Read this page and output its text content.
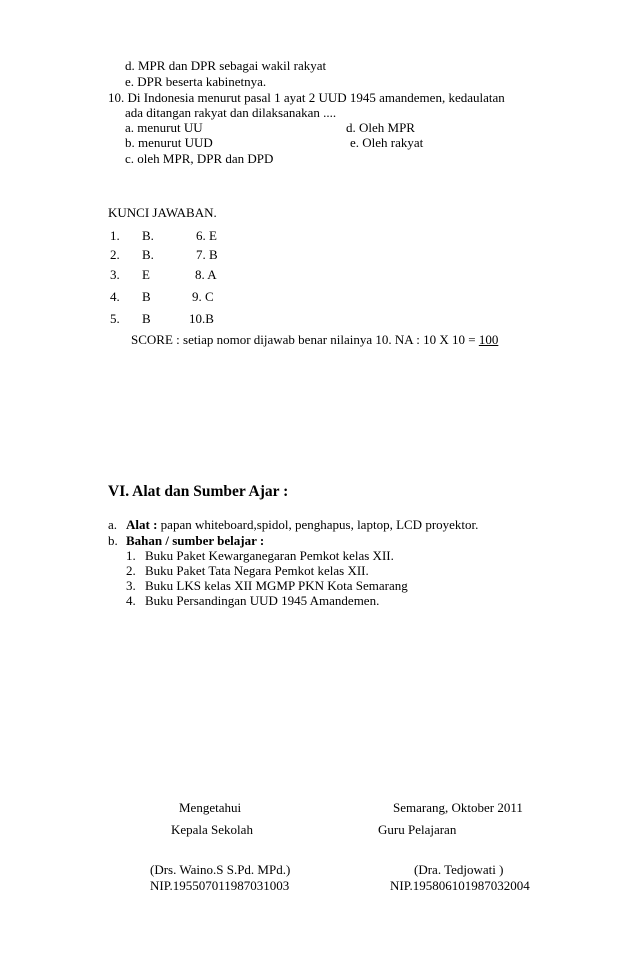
d. MPR dan DPR sebagai wakil rakyat
e. DPR beserta kabinetnya.
10. Di Indonesia menurut pasal 1 ayat 2 UUD 1945 amandemen, kedaulatan
ada ditangan rakyat dan dilaksanakan ....
a. menurut UU	d. Oleh MPR
b. menurut UUD	e. Oleh rakyat
c. oleh MPR, DPR dan DPD
KUNCI JAWABAN.
1. B.	6. E
2. B.	7. B
3. E	8. A
4. B	9. C
5. B	10.B
SCORE : setiap nomor dijawab benar nilainya 10. NA : 10 X 10 = 100
VI. Alat dan Sumber Ajar :
a. Alat : papan whiteboard,spidol, penghapus, laptop, LCD proyektor.
b. Bahan / sumber belajar :
1. Buku Paket Kewarganegaran Pemkot kelas XII.
2. Buku Paket Tata Negara Pemkot kelas XII.
3. Buku LKS kelas XII MGMP PKN Kota Semarang
4. Buku Persandingan UUD 1945 Amandemen.
Mengetahui	Semarang, Oktober 2011
Kepala Sekolah	Guru Pelajaran
(Drs. Waino.S S.Pd. MPd.)	(Dra. Tedjowati )
NIP.195507011987031003	NIP.195806101987032004
